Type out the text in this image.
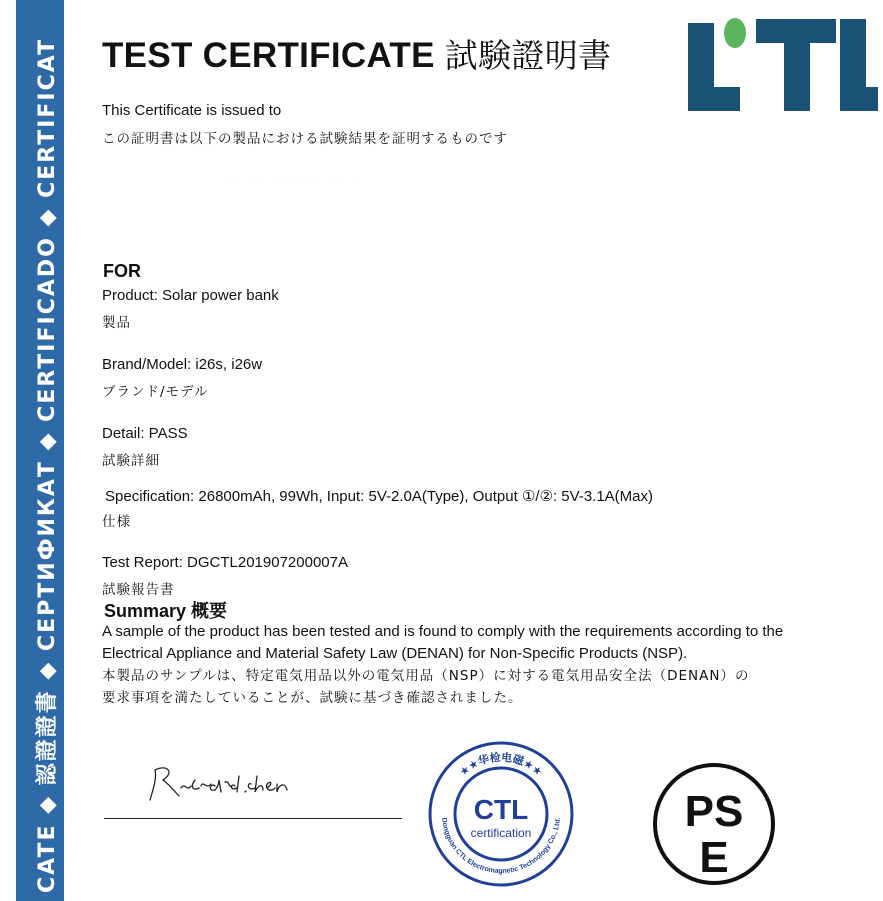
CATE ◆ 認證證書 ◆ СЕРТИФИКАТ ◆ CERTIFICADO ◆ CERTIFICAT	TEST CERTIFICATE 試験證明書
This Certificate is issued to
この証明書は以下の製品における試験結果を証明するものです
· · · · · · · · · · · ·
FOR
Product: Solar power bank
製品
Brand/Model: i26s, i26w
ブランド/モデル
Detail: PASS
試験詳細
Specification: 26800mAh, 99Wh, Input: 5V-2.0A(Type), Output ①/②: 5V-3.1A(Max)
仕様
Test Report: DGCTL201907200007A
試験報告書
Summary 概要
A sample of the product has been tested and is found to comply with the requirements according to the
Electrical Appliance and Material Safety Law (DENAN) for Non-Specific Products (NSP).
本製品のサンプルは、特定電気用品以外の電気用品（NSP）に対する電気用品安全法（DENAN）の
要求事項を満たしていることが、試験に基づき確認されました。
★★华检电磁★★
Dongguan CTL Electromagnetic Technology Co., Ltd.
CTL
certification	PS
E
